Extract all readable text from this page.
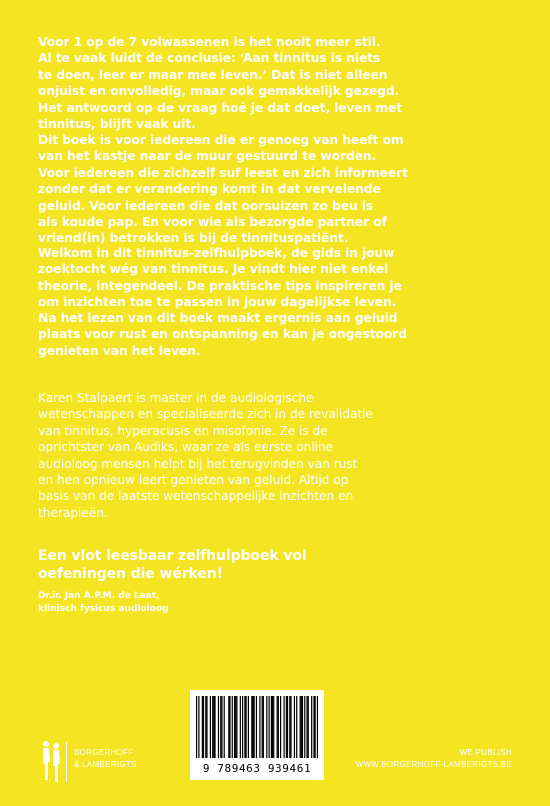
Voor 1 op de 7 volwassenen is het nooit meer stil.

Al te vaak luidt de conclusie: ‘Aan tinnitus is niets

te doen, leer er maar mee leven.’ Dat is niet alleen

onjuist en onvolledig, maar ook gemakkelijk gezegd.

Het antwoord op de vraag hoé je dat doet, leven met

tinnitus, blijft vaak uit.

Dit boek is voor iedereen die er genoeg van heeft om

van het kastje naar de muur gestuurd te worden.

Voor iedereen die zichzelf suf leest en zich informeert

zonder dat er verandering komt in dat vervelende

geluid. Voor iedereen die dat oorsuizen zo beu is

als koude pap. En voor wie als bezorgde partner of

vriend(in) betrokken is bij de tinnituspatiënt.

Welkom in dit tinnitus-zelfhulpboek, de gids in jouw

zoektocht wég van tinnitus. Je vindt hier niet enkel

theorie, integendeel. De praktische tips inspireren je

om inzichten toe te passen in jouw dagelijkse leven.

Na het lezen van dit boek maakt ergernis aan geluid

plaats voor rust en ontspanning en kan je ongestoord

genieten van het leven.

Karen Stalpaert is master in de audiologische

wetenschappen en specialiseerde zich in de revalidatie

van tinnitus, hyperacusis en misofonie. Ze is de

oprichtster van Audiks, waar ze als eerste online

audioloog mensen helpt bij het terugvinden van rust

en hen opnieuw leert genieten van geluid. Altijd op

basis van de laatste wetenschappelijke inzichten en

therapieën.

Een vlot leesbaar zelfhulpboek vol

oefeningen die wérken!

Dr.ir. Jan A.P.M. de Laat,

klinisch fysicus audioloog

9 789463 939461
BORGERHOFF
& LAMBERIGTS
WE PUBLISH
WWW.BORGERHOFF-LAMBERIGTS.BE
